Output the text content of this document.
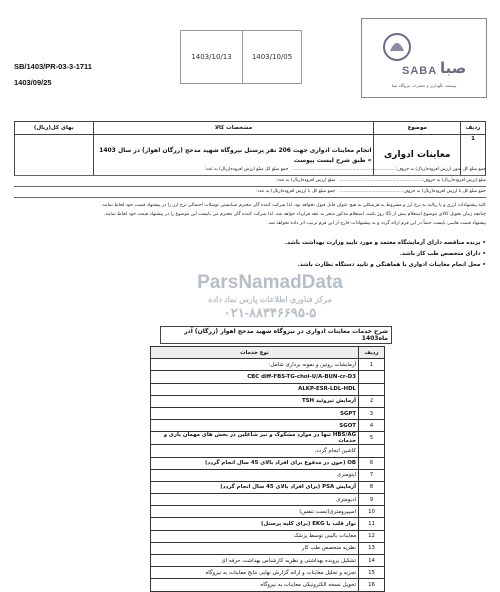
SB/1403/PR-03-3-1711
1403/09/25
1403/10/13	1403/10/05
SABA صبا
توسعه، نگهداری و تعمیرات نیروگاه صبا
بهای کل(ریال)	مشخصات کالا	موضوع	ردیف

	انجام معاینات ادواری جهت 206 نفر پرسنل نیروگاه شهید مدحج (زرگان اهواز) در سال 1403
» طبق شرح لیست پیوست	معاینات ادواری	1
جمع مبلغ کل بدون ارزش افزوده(ریال) به حروف:..........................................................................   جمع مبلغ کل مبلغ ارزش افزوده(ریال) به عدد:
مبلغ ارزش افزوده(ریال) به حروف:...........................................................   مبلغ ارزش افزوده(ریال) به عدد:
جمع مبلغ کل با ارزش افزوده(ریال) به حروف:.............................................   جمع مبلغ کل با ارزش افزوده(ریال) به عدد:
کلیه پیشنهادات ارزی و یا ریالیه به نرخ ارز و مشروط به هرشکلی به هیچ عنوان قابل قبول نخواهد بود. لذا شرکت کننده گان محترم میبایستی توسلات احتمالی نرخ ارز را در پیشنهاد قیمت خود لحاظ نمایند.
چنانچه زمان تحویل کالای موضوع استعلام بیش از 45 روز باشد، استعلام مذکور منجر به عقد قرارداد خواهد شد. لذا شرکت کننده گان محترم می بایست این موضوع را در پیشنهاد قیمت خود لحاظ نمایند.
پیشنهاد قیمت هاسی بایست حتماً در این فرم ارائه گردد و به پیشنهادات خارج از این فرم ترتیب اثر داده نخواهد شد.
• برنده مناقصه دارای آزمایشگاه معتمد و مورد تایید وزارت بهداشت باشد.
• دارای متخصص طب کار باشد.
• محل انجام معاینات ادواری با هماهنگی و تایید دستگاه نظارت باشد.
ParsNamadData
مرکز فناوری اطلاعات پارس نماد داده
۰۲۱-۸۸۳۴۶۶۹۵-۵
شرح خدمات معاینات ادواری در نیروگاه شهید مدحج اهواز (زرگان) آذر ماه1403
نوع خدمات	ردیف
آزمایشات روتین و نمونه برداری شامل:	1
CBC diff-FBS-TG-chol-U/A-BUN-cr-D3	
ALKP-ESR-LDL-HDL	
آزمایش تیروئید TSH	2
SGPT	3
SGOT	4
HBS/AG تنها در موارد مشکوک و نیز شاغلین در بخش های مهمان یاری و خدمات	5
کاشین انجام گردد.	
OB (خون در مدفوع برای افراد بالای 45 سال انجام گردد)	6
اپتومتری	7
آزمایش PSA (برای افراد بالای 45 سال انجام گردد)	8
ادیومتری	9
اسپیرومتری(تست تنفس)	10
نوار قلب یا EKG (برای کلیه پرسنل)	11
معاینات بالینی توسط پزشک	12
نظریه متخصص طب کار	13
تشکیل پرونده بهداشتی و نظریه کارشناس بهداشت حرفه ای	14
تجزیه و تحلیل معاینات و ارائه گزارش نهایی نتایج معاینات به نیروگاه	15
تحویل نسخه الکترونیکی معاینات به نیروگاه	16
